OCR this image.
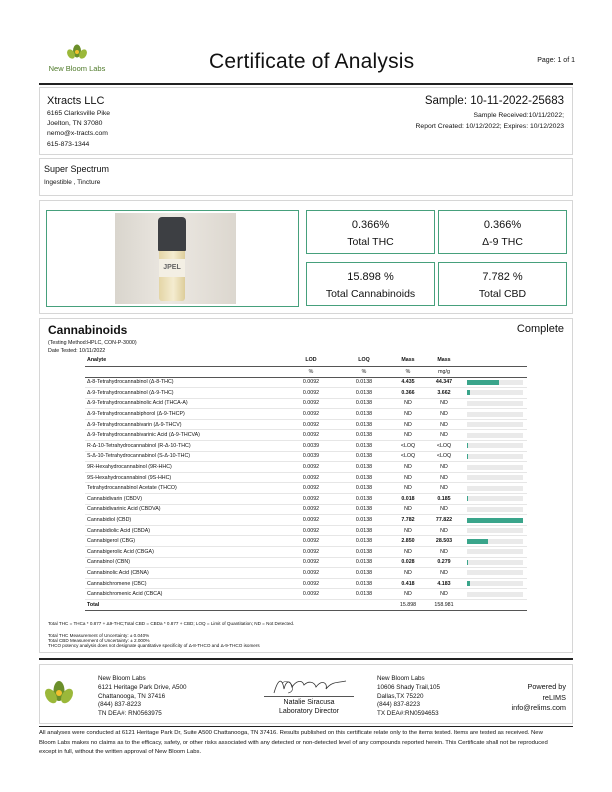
New Bloom Labs	Certificate of Analysis	Page: 1 of 1
Xtracts LLC
6165 Clarksville Pike
Joelton, TN 37080
nemo@x-tracts.com
615-873-1344
Sample: 10-11-2022-25683
Sample Received:10/11/2022;
Report Created: 10/12/2022; Expires: 10/12/2023
Super Spectrum
Ingestible , Tincture
JPEL
0.366%
Total THC
0.366%
Δ-9 THC
15.898 %
Total Cannabinoids
7.782 %
Total CBD
Cannabinoids	Complete
(Testing Method:HPLC, CON-P-3000)
Date Tested: 10/11/2022
Analyte	LOD	LOQ	Mass	Mass	
	%	%	%	mg/g	
Δ-8-Tetrahydrocannabinol (Δ-8-THC)	0.0092	0.0138	4.435	44.347	

Δ-9-Tetrahydrocannabinol (Δ-9-THC)	0.0092	0.0138	0.366	3.662	

Δ-9-Tetrahydrocannabinolic Acid (THCA-A)	0.0092	0.0138	ND	ND	

Δ-9-Tetrahydrocannabiphorol (Δ-9-THCP)	0.0092	0.0138	ND	ND	

Δ-9-Tetrahydrocannabivarin (Δ-9-THCV)	0.0092	0.0138	ND	ND	

Δ-9-Tetrahydrocannabivarinic Acid (Δ-9-THCVA)	0.0092	0.0138	ND	ND	

R-Δ-10-Tetrahydrocannabinol (R-Δ-10-THC)	0.0039	0.0138	<LOQ	<LOQ	

S-Δ-10-Tetrahydrocannabinol (S-Δ-10-THC)	0.0039	0.0138	<LOQ	<LOQ	

9R-Hexahydrocannabinol (9R-HHC)	0.0092	0.0138	ND	ND	

9S-Hexahydrocannabinol (9S-HHC)	0.0092	0.0138	ND	ND	

Tetrahydrocannabinol Acetate (THCO)	0.0092	0.0138	ND	ND	

Cannabidivarin (CBDV)	0.0092	0.0138	0.018	0.185	

Cannabidivarinic Acid (CBDVA)	0.0092	0.0138	ND	ND	

Cannabidiol (CBD)	0.0092	0.0138	7.782	77.822	

Cannabidiolic Acid (CBDA)	0.0092	0.0138	ND	ND	

Cannabigerol (CBG)	0.0092	0.0138	2.850	28.503	

Cannabigerolic Acid (CBGA)	0.0092	0.0138	ND	ND	

Cannabinol (CBN)	0.0092	0.0138	0.028	0.279	

Cannabinolic Acid (CBNA)	0.0092	0.0138	ND	ND	

Cannabichromene (CBC)	0.0092	0.0138	0.418	4.183	

Cannabichromenic Acid (CBCA)	0.0092	0.0138	ND	ND	

Total			15.898	158.981	
Total THC = THCa * 0.877 + Δ9-THC;Total CBD = CBDa * 0.877 + CBD; LOQ = Limit of Quantitation; ND = Not Detected.
Total THC Measurement of Uncertainty: ± 0.040%
Total CBD Measurement of Uncertainty: ± 2.000%
THCO potency analysis does not designate quantitative specificity of Δ-8-THCO and Δ-9-THCO isomers
New Bloom Labs
6121 Heritage Park Drive, A500
Chattanooga, TN 37416
(844) 837-8223
TN DEA#: RN0563975
Natalie Siracusa
Laboratory Director
New Bloom Labs
10606 Shady Trail,105
Dallas,TX 75220
(844) 837-8223
TX DEA#:RN0594653
Powered by
reLIMS
info@relims.com
All analyses were conducted at 6121 Heritage Park Dr, Suite A500 Chattanooga, TN 37416. Results published on this certificate relate only to the items tested. Items are tested as received. New
Bloom Labs makes no claims as to the efficacy, safety, or other risks associated with any detected or non-detected level of any compounds reported herein. This Certificate shall not be reproduced
except in full, without the written approval of New Bloom Labs.
